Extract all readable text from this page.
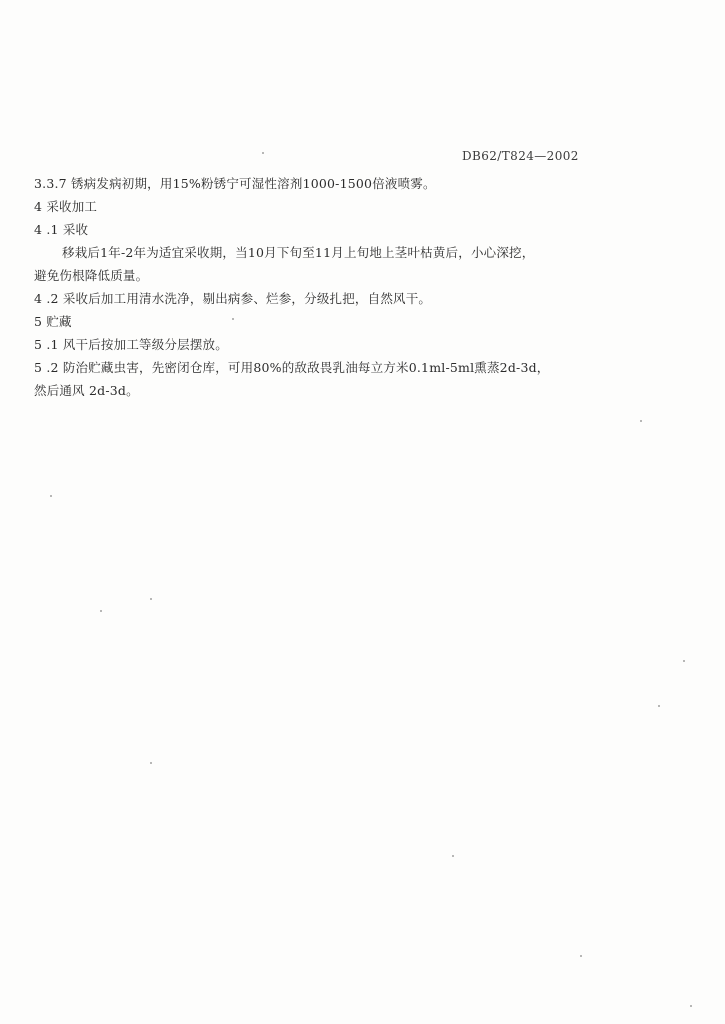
DB62/T824—2002
3.3.7 锈病发病初期，用15%粉锈宁可湿性溶剂1000-1500倍液喷雾。
4 采收加工
4 .1 采收
移栽后1年-2年为适宜采收期，当10月下旬至11月上旬地上茎叶枯黄后，小心深挖，
避免伤根降低质量。
4 .2 采收后加工用清水洗净，剔出病参、烂参，分级扎把，自然风干。
5 贮藏
5 .1 风干后按加工等级分层摆放。
5 .2 防治贮藏虫害，先密闭仓库，可用80%的敌敌畏乳油每立方米0.1ml-5ml熏蒸2d-3d，
然后通风 2d-3d。
